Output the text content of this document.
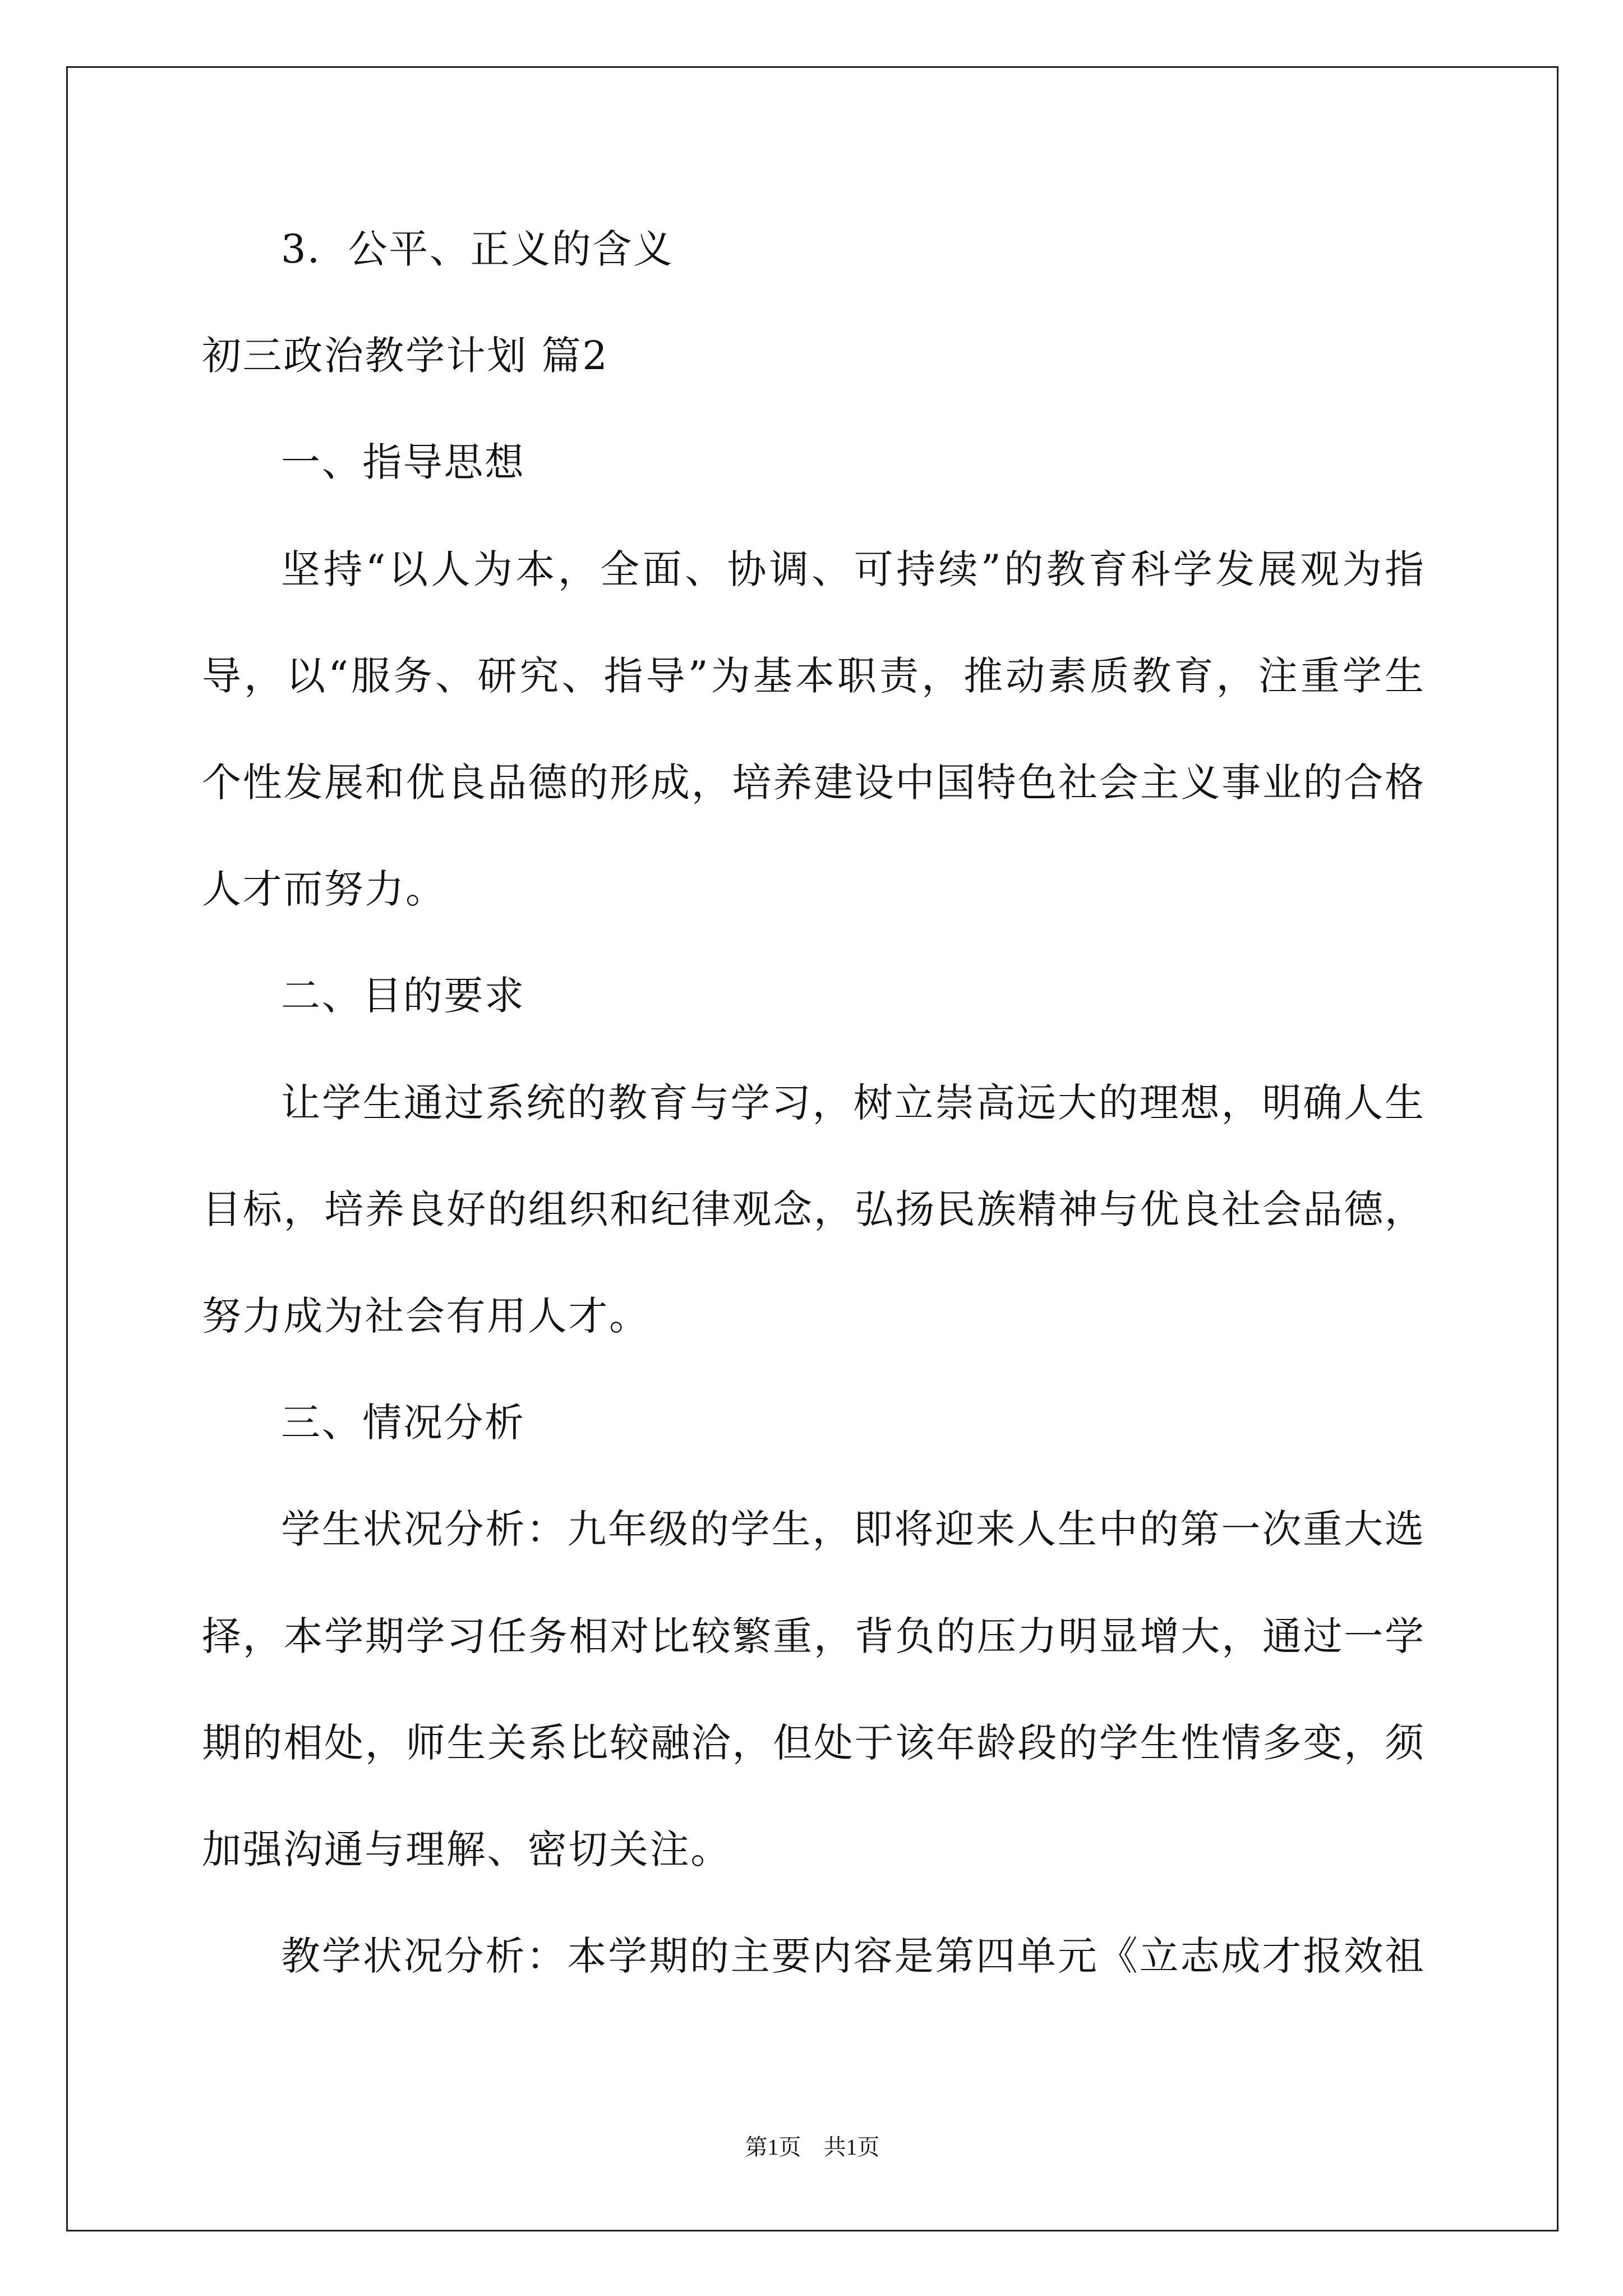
3．公平、正义的含义
初三政治教学计划 篇2
一、指导思想
坚持“以人为本，全面、协调、可持续”的教育科学发展观为指
导，以“服务、研究、指导”为基本职责，推动素质教育，注重学生
个性发展和优良品德的形成，培养建设中国特色社会主义事业的合格
人才而努力。
二、目的要求
让学生通过系统的教育与学习，树立崇高远大的理想，明确人生
目标，培养良好的组织和纪律观念，弘扬民族精神与优良社会品德，
努力成为社会有用人才。
三、情况分析
学生状况分析：九年级的学生，即将迎来人生中的第一次重大选
择，本学期学习任务相对比较繁重，背负的压力明显增大，通过一学
期的相处，师生关系比较融洽，但处于该年龄段的学生性情多变，须
加强沟通与理解、密切关注。
教学状况分析：本学期的主要内容是第四单元《立志成才报效祖
第1页　共1页
